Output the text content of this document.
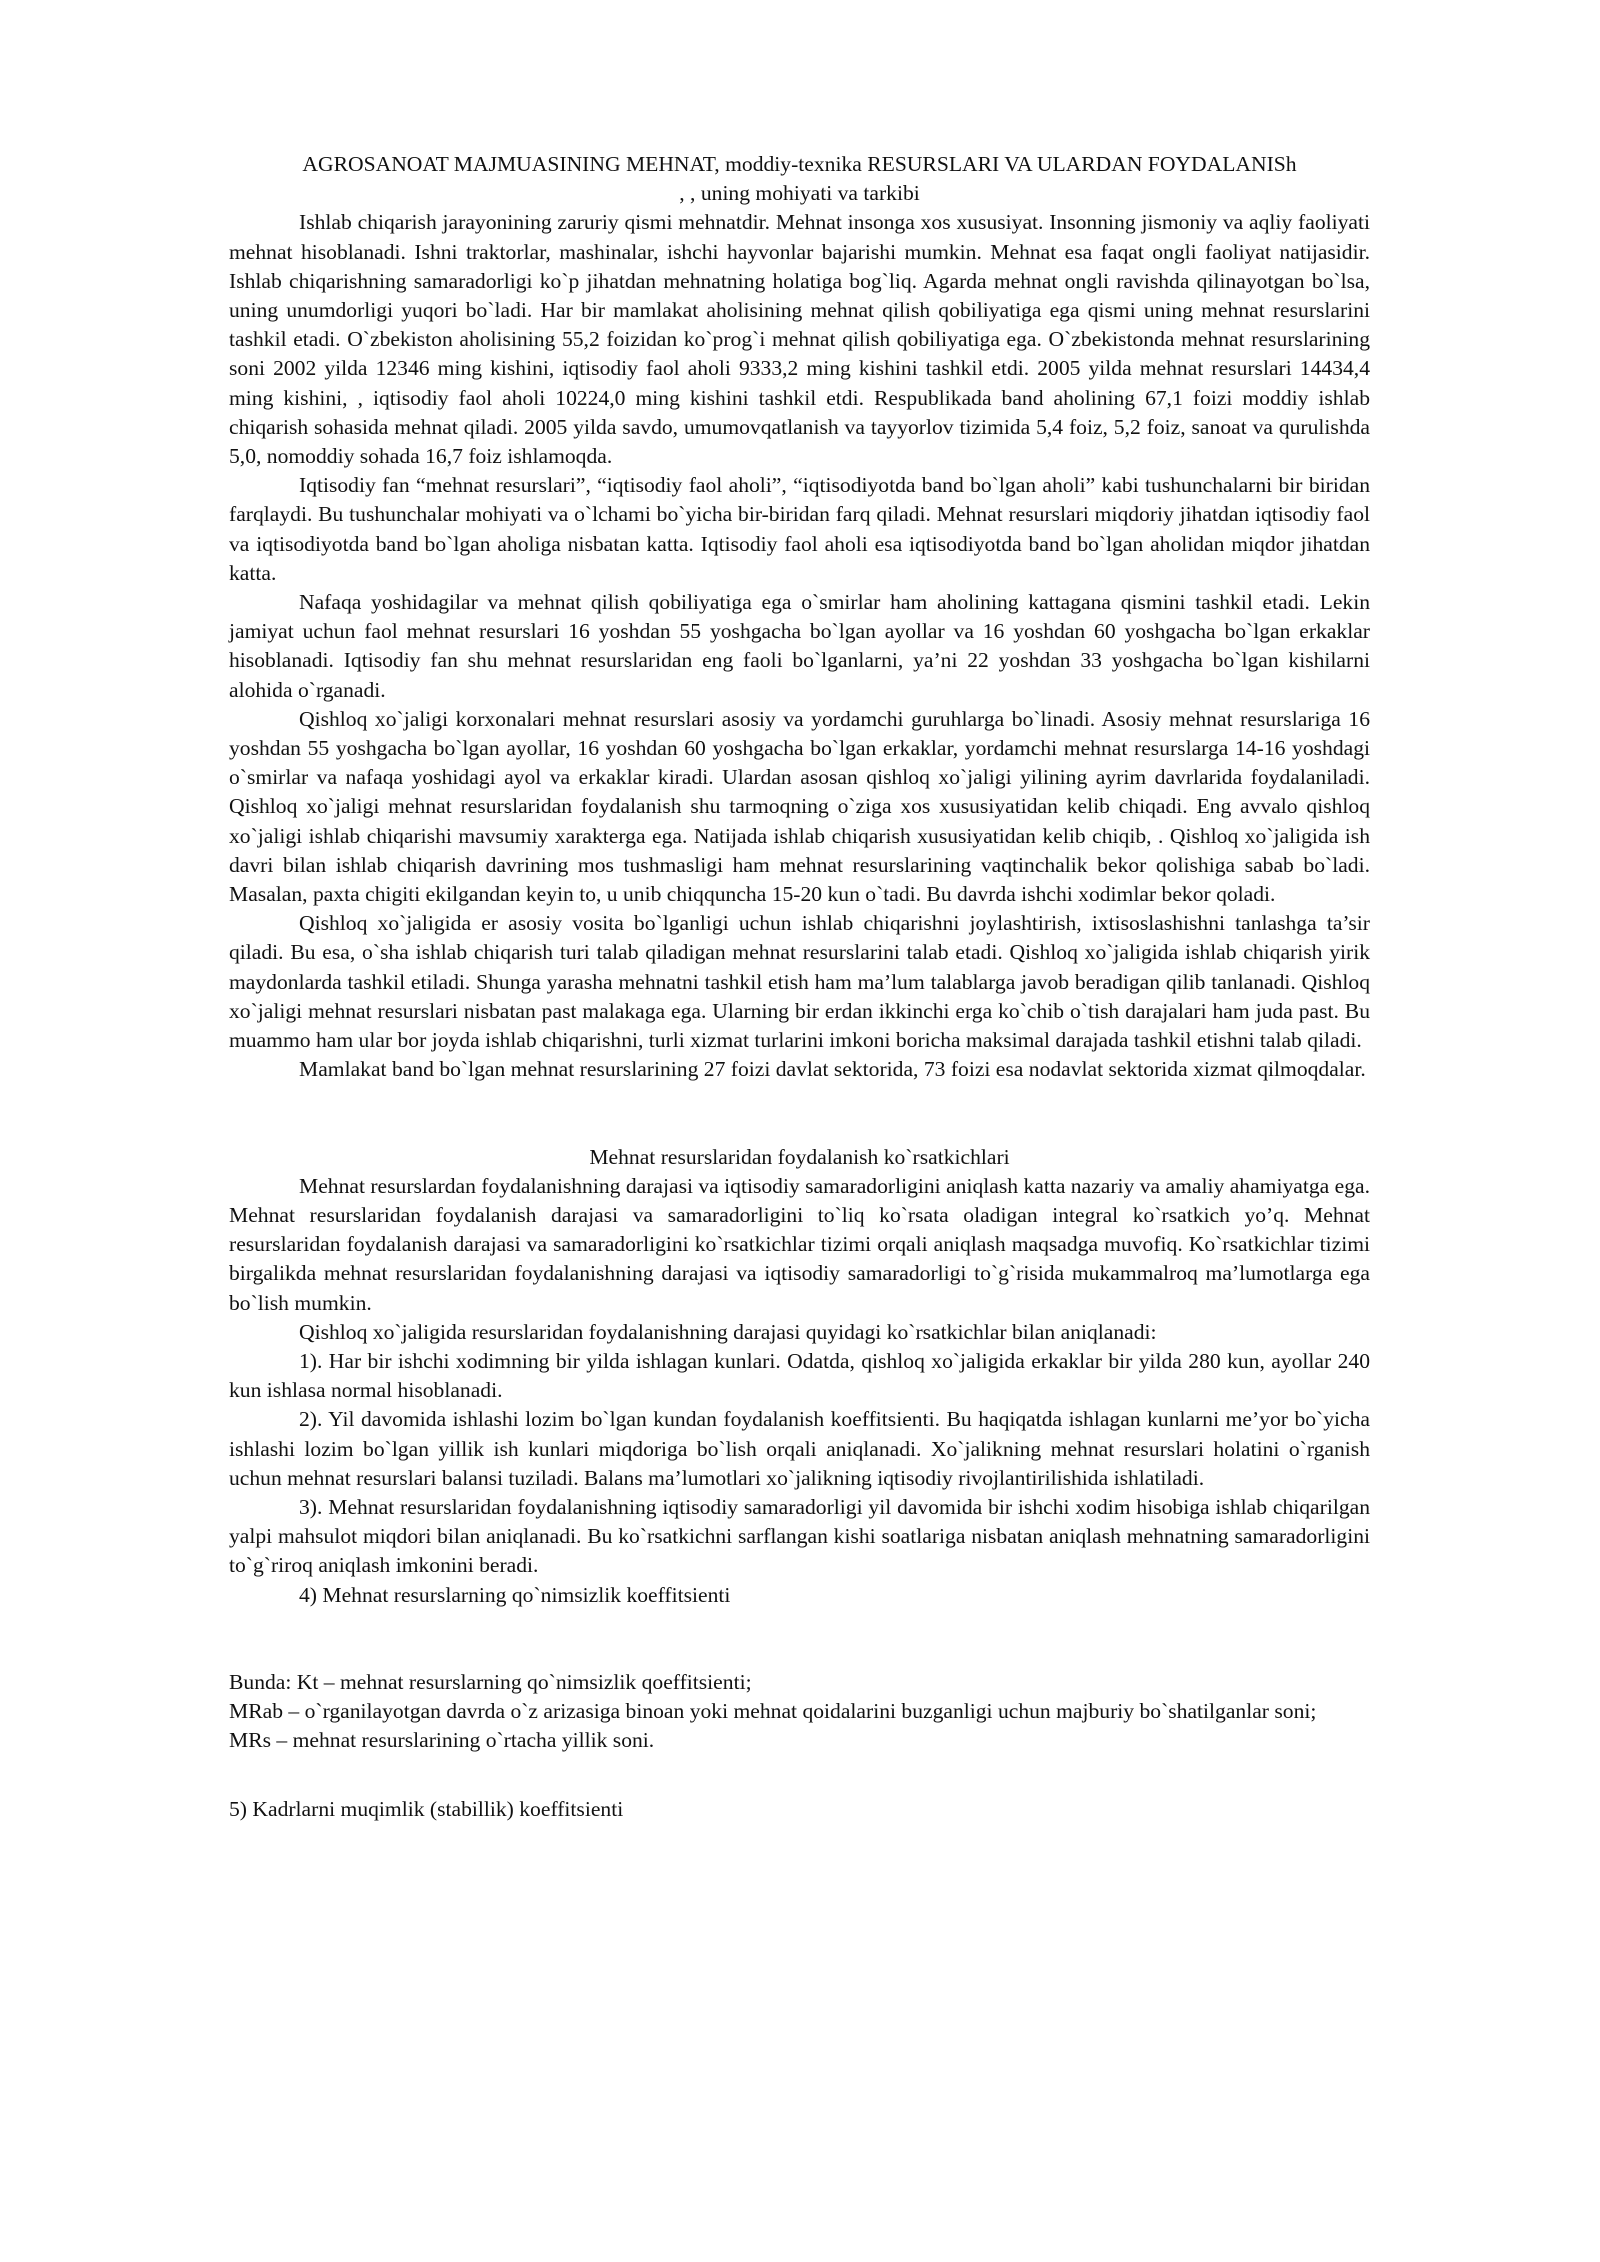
AGROSANOAT MAJMUASINING MEHNAT, moddiy-texnika RESURSLARI VA ULARDAN FOYDALANISh

, , uning mohiyati va tarkibi

Ishlab chiqarish jarayonining zaruriy qismi mehnatdir. Mehnat insonga xos xususiyat. Insonning jismoniy va aqliy faoliyati mehnat hisoblanadi. Ishni traktorlar, mashinalar, ishchi hayvonlar bajarishi mumkin. Mehnat esa faqat ongli faoliyat natijasidir. Ishlab chiqarishning samaradorligi ko`p jihatdan mehnatning holatiga bog`liq. Agarda mehnat ongli ravishda qilinayotgan bo`lsa, uning unumdorligi yuqori bo`ladi. Har bir mamlakat aholisining mehnat qilish qobiliyatiga ega qismi uning mehnat resurslarini tashkil etadi. O`zbekiston aholisining 55,2 foizidan ko`prog`i mehnat qilish qobiliyatiga ega. O`zbekistonda mehnat resurslarining soni 2002 yilda 12346 ming kishini, iqtisodiy faol aholi 9333,2 ming kishini tashkil etdi. 2005 yilda mehnat resurslari 14434,4 ming kishini, , iqtisodiy faol aholi 10224,0 ming kishini tashkil etdi. Respublikada band aholining 67,1 foizi moddiy ishlab chiqarish sohasida mehnat qiladi. 2005 yilda savdo, umumovqatlanish va tayyorlov tizimida 5,4 foiz, 5,2 foiz, sanoat va qurulishda 5,0, nomoddiy sohada 16,7 foiz ishlamoqda.

Iqtisodiy fan “mehnat resurslari”, “iqtisodiy faol aholi”, “iqtisodiyotda band bo`lgan aholi” kabi tushunchalarni bir biridan farqlaydi. Bu tushunchalar mohiyati va o`lchami bo`yicha bir-biridan farq qiladi. Mehnat resurslari miqdoriy jihatdan iqtisodiy faol va iqtisodiyotda band bo`lgan aholiga nisbatan katta. Iqtisodiy faol aholi esa iqtisodiyotda band bo`lgan aholidan miqdor jihatdan katta.

Nafaqa yoshidagilar va mehnat qilish qobiliyatiga ega o`smirlar ham aholining kattagana qismini tashkil etadi. Lekin jamiyat uchun faol mehnat resurslari 16 yoshdan 55 yoshgacha bo`lgan ayollar va 16 yoshdan 60 yoshgacha bo`lgan erkaklar hisoblanadi. Iqtisodiy fan shu mehnat resurslaridan eng faoli bo`lganlarni, ya’ni 22 yoshdan 33 yoshgacha bo`lgan kishilarni alohida o`rganadi.

Qishloq xo`jaligi korxonalari mehnat resurslari asosiy va yordamchi guruhlarga bo`linadi. Asosiy mehnat resurslariga 16 yoshdan 55 yoshgacha bo`lgan ayollar, 16 yoshdan 60 yoshgacha bo`lgan erkaklar, yordamchi mehnat resurslarga 14-16 yoshdagi o`smirlar va nafaqa yoshidagi ayol va erkaklar kiradi. Ulardan asosan qishloq xo`jaligi yilining ayrim davrlarida foydalaniladi. Qishloq xo`jaligi mehnat resurslaridan foydalanish shu tarmoqning o`ziga xos xususiyatidan kelib chiqadi. Eng avvalo qishloq xo`jaligi ishlab chiqarishi mavsumiy xarakterga ega. Natijada ishlab chiqarish xususiyatidan kelib chiqib, . Qishloq xo`jaligida ish davri bilan ishlab chiqarish davrining mos tushmasligi ham mehnat resurslarining vaqtinchalik bekor qolishiga sabab bo`ladi. Masalan, paxta chigiti ekilgandan keyin to, u unib chiqquncha 15-20 kun o`tadi. Bu davrda ishchi xodimlar bekor qoladi.

Qishloq xo`jaligida er asosiy vosita bo`lganligi uchun ishlab chiqarishni joylashtirish, ixtisoslashishni tanlashga ta’sir qiladi. Bu esa, o`sha ishlab chiqarish turi talab qiladigan mehnat resurslarini talab etadi. Qishloq xo`jaligida ishlab chiqarish yirik maydonlarda tashkil etiladi. Shunga yarasha mehnatni tashkil etish ham ma’lum talablarga javob beradigan qilib tanlanadi. Qishloq xo`jaligi mehnat resurslari nisbatan past malakaga ega. Ularning bir erdan ikkinchi erga ko`chib o`tish darajalari ham juda past. Bu muammo ham ular bor joyda ishlab chiqarishni, turli xizmat turlarini imkoni boricha maksimal darajada tashkil etishni talab qiladi.

Mamlakat band bo`lgan mehnat resurslarining 27 foizi davlat sektorida, 73 foizi esa nodavlat sektorida xizmat qilmoqdalar.

Mehnat resurslaridan foydalanish ko`rsatkichlari

Mehnat resurslardan foydalanishning darajasi va iqtisodiy samaradorligini aniqlash katta nazariy va amaliy ahamiyatga ega. Mehnat resurslaridan foydalanish darajasi va samaradorligini to`liq ko`rsata oladigan integral ko`rsatkich yo’q. Mehnat resurslaridan foydalanish darajasi va samaradorligini ko`rsatkichlar tizimi orqali aniqlash maqsadga muvofiq. Ko`rsatkichlar tizimi birgalikda mehnat resurslaridan foydalanishning darajasi va iqtisodiy samaradorligi to`g`risida mukammalroq ma’lumotlarga ega bo`lish mumkin.

Qishloq xo`jaligida resurslaridan foydalanishning darajasi quyidagi ko`rsatkichlar bilan aniqlanadi:

1). Har bir ishchi xodimning bir yilda ishlagan kunlari. Odatda, qishloq xo`jaligida erkaklar bir yilda 280 kun, ayollar 240 kun ishlasa normal hisoblanadi.

2). Yil davomida ishlashi lozim bo`lgan kundan foydalanish koeffitsienti. Bu haqiqatda ishlagan kunlarni me’yor bo`yicha ishlashi lozim bo`lgan yillik ish kunlari miqdoriga bo`lish orqali aniqlanadi. Xo`jalikning mehnat resurslari holatini o`rganish uchun mehnat resurslari balansi tuziladi. Balans ma’lumotlari xo`jalikning iqtisodiy rivojlantirilishida ishlatiladi.

3). Mehnat resurslaridan foydalanishning iqtisodiy samaradorligi yil davomida bir ishchi xodim hisobiga ishlab chiqarilgan yalpi mahsulot miqdori bilan aniqlanadi. Bu ko`rsatkichni sarflangan kishi soatlariga nisbatan aniqlash mehnatning samaradorligini to`g`riroq aniqlash imkonini beradi.

4) Mehnat resurslarning qo`nimsizlik koeffitsienti

Bunda: Kt – mehnat resurslarning qo`nimsizlik qoeffitsienti;

MRab – o`rganilayotgan davrda o`z arizasiga binoan yoki mehnat qoidalarini buzganligi uchun majburiy bo`shatilganlar soni;

MRs – mehnat resurslarining o`rtacha yillik soni.

5) Kadrlarni muqimlik (stabillik) koeffitsienti
